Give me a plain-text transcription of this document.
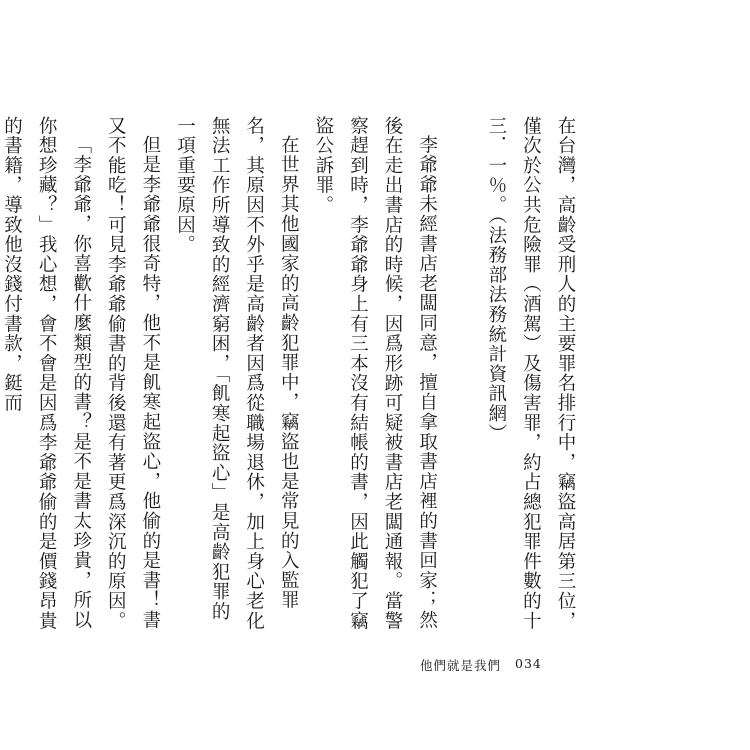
在台灣，高齡受刑人的主要罪名排行中，竊盜高居第三位，僅次於公共危險罪（酒駕）及傷害罪，約占總犯罪件數的十三．一％。（法務部法務統計資訊網）

李爺爺未經書店老闆同意，擅自拿取書店裡的書回家；然後在走出書店的時候，因爲形跡可疑被書店老闆通報。當警察趕到時，李爺爺身上有三本沒有結帳的書，因此觸犯了竊盜公訴罪。

在世界其他國家的高齡犯罪中，竊盜也是常見的入監罪名，其原因不外乎是高齡者因爲從職場退休，加上身心老化無法工作所導致的經濟窮困，「飢寒起盜心」是高齡犯罪的一項重要原因。

但是李爺爺很奇特，他不是飢寒起盜心，他偷的是書！書又不能吃！可見李爺爺偷書的背後還有著更爲深沉的原因。

「李爺爺，你喜歡什麼類型的書？是不是書太珍貴，所以你想珍藏？」我心想，會不會是因爲李爺爺偷的是價錢昂貴的書籍，導致他沒錢付書款，鋌而

他們就是我們 034
